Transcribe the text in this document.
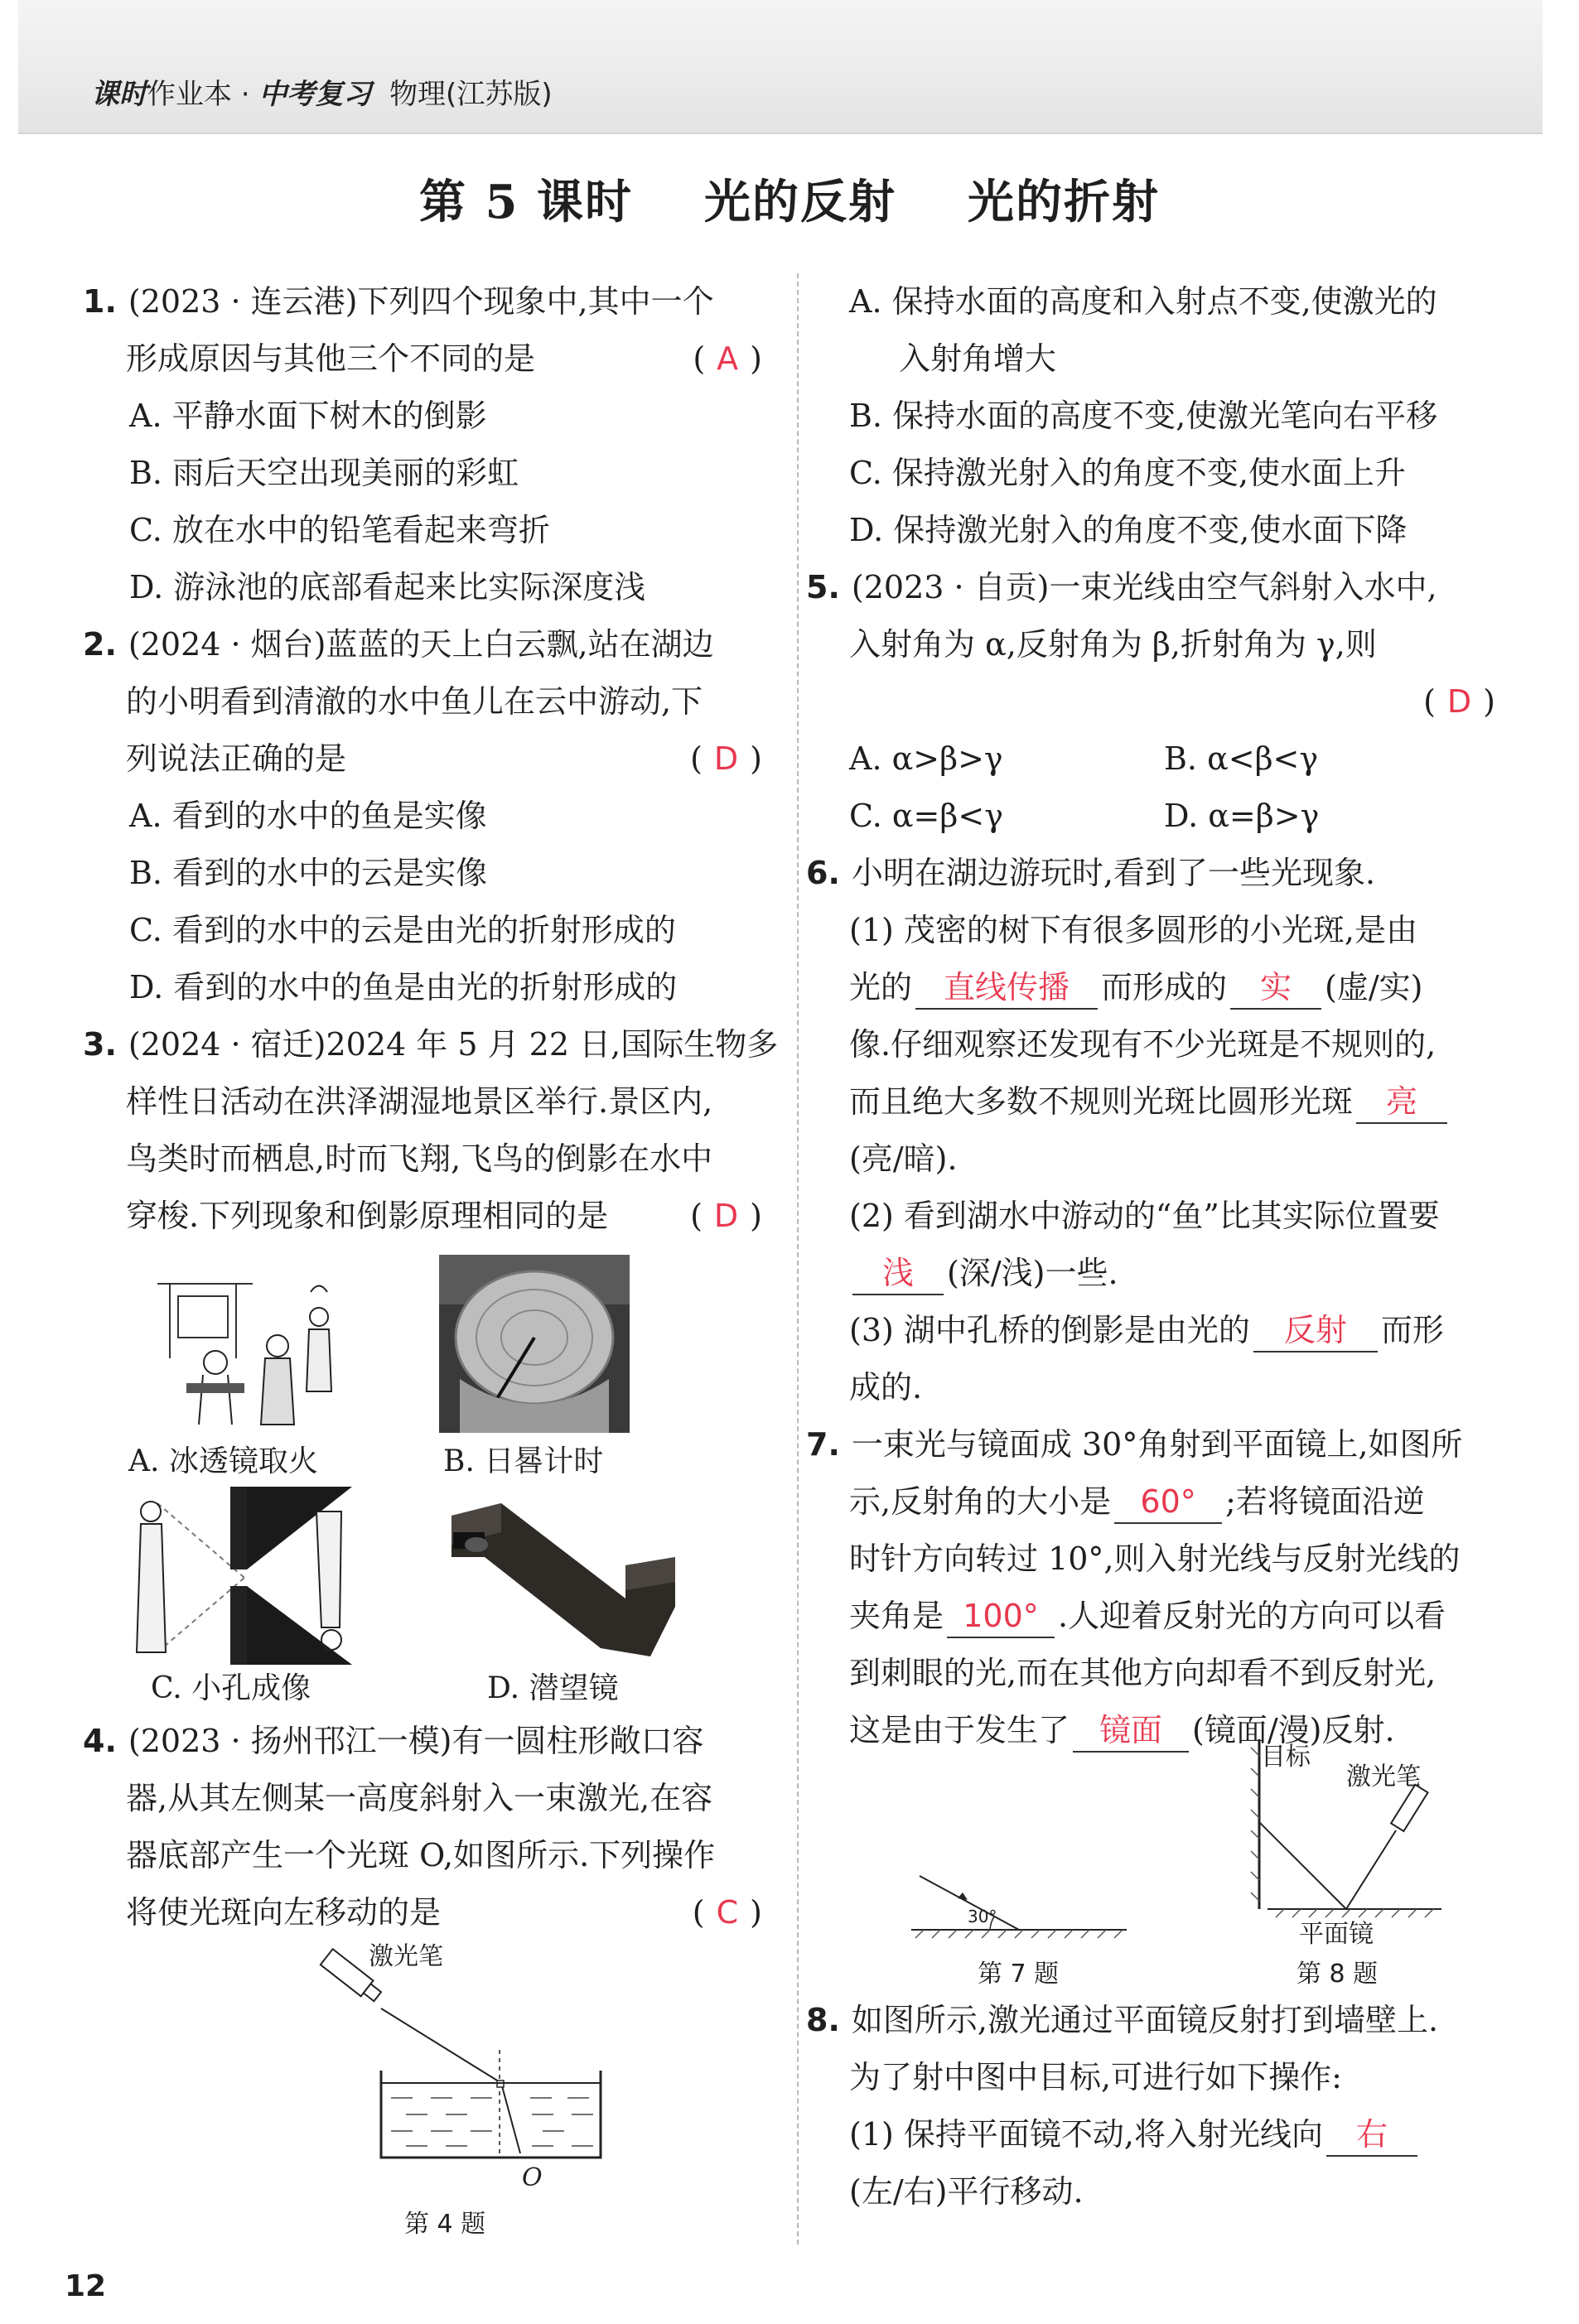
课时作业本 · 中考复习 物理(江苏版)
第 5 课时    光的反射    光的折射
1. (2023 · 连云港)下列四个现象中,其中一个
形成原因与其他三个不同的是	( A )
A. 平静水面下树木的倒影
B. 雨后天空出现美丽的彩虹
C. 放在水中的铅笔看起来弯折
D. 游泳池的底部看起来比实际深度浅
2. (2024 · 烟台)蓝蓝的天上白云飘,站在湖边
的小明看到清澈的水中鱼儿在云中游动,下
列说法正确的是	( D )
A. 看到的水中的鱼是实像
B. 看到的水中的云是实像
C. 看到的水中的云是由光的折射形成的
D. 看到的水中的鱼是由光的折射形成的
3. (2024 · 宿迁)2024 年 5 月 22 日,国际生物多
样性日活动在洪泽湖湿地景区举行.景区内,
鸟类时而栖息,时而飞翔,飞鸟的倒影在水中
穿梭.下列现象和倒影原理相同的是	( D )
A. 冰透镜取火	B. 日晷计时
C. 小孔成像	D. 潜望镜
4. (2023 · 扬州邗江一模)有一圆柱形敞口容
器,从其左侧某一高度斜射入一束激光,在容
器底部产生一个光斑 O,如图所示.下列操作
将使光斑向左移动的是	( C )
激光笔
O
第 4 题
12
A. 保持水面的高度和入射点不变,使激光的
入射角增大
B. 保持水面的高度不变,使激光笔向右平移
C. 保持激光射入的角度不变,使水面上升
D. 保持激光射入的角度不变,使水面下降
5. (2023 · 自贡)一束光线由空气斜射入水中,
入射角为 α,反射角为 β,折射角为 γ,则
( D )
A. α>β>γ	B. α<β<γ
C. α=β<γ	D. α=β>γ
6. 小明在湖边游玩时,看到了一些光现象.
(1) 茂密的树下有很多圆形的小光斑,是由
光的 直线传播 而形成的 实 (虚/实)
像.仔细观察还发现有不少光斑是不规则的,
而且绝大多数不规则光斑比圆形光斑 亮
(亮/暗).
(2) 看到湖水中游动的“鱼”比其实际位置要
浅 (深/浅)一些.
(3) 湖中孔桥的倒影是由光的 反射 而形
成的.
7. 一束光与镜面成 30°角射到平面镜上,如图所
示,反射角的大小是 60° ;若将镜面沿逆
时针方向转过 10°,则入射光线与反射光线的
夹角是 100° .人迎着反射光的方向可以看
到刺眼的光,而在其他方向却看不到反射光,
这是由于发生了 镜面 (镜面/漫)反射.
30°
第 7 题
目标
激光笔
平面镜
第 8 题
8. 如图所示,激光通过平面镜反射打到墙壁上.
为了射中图中目标,可进行如下操作:
(1) 保持平面镜不动,将入射光线向 右
(左/右)平行移动.
